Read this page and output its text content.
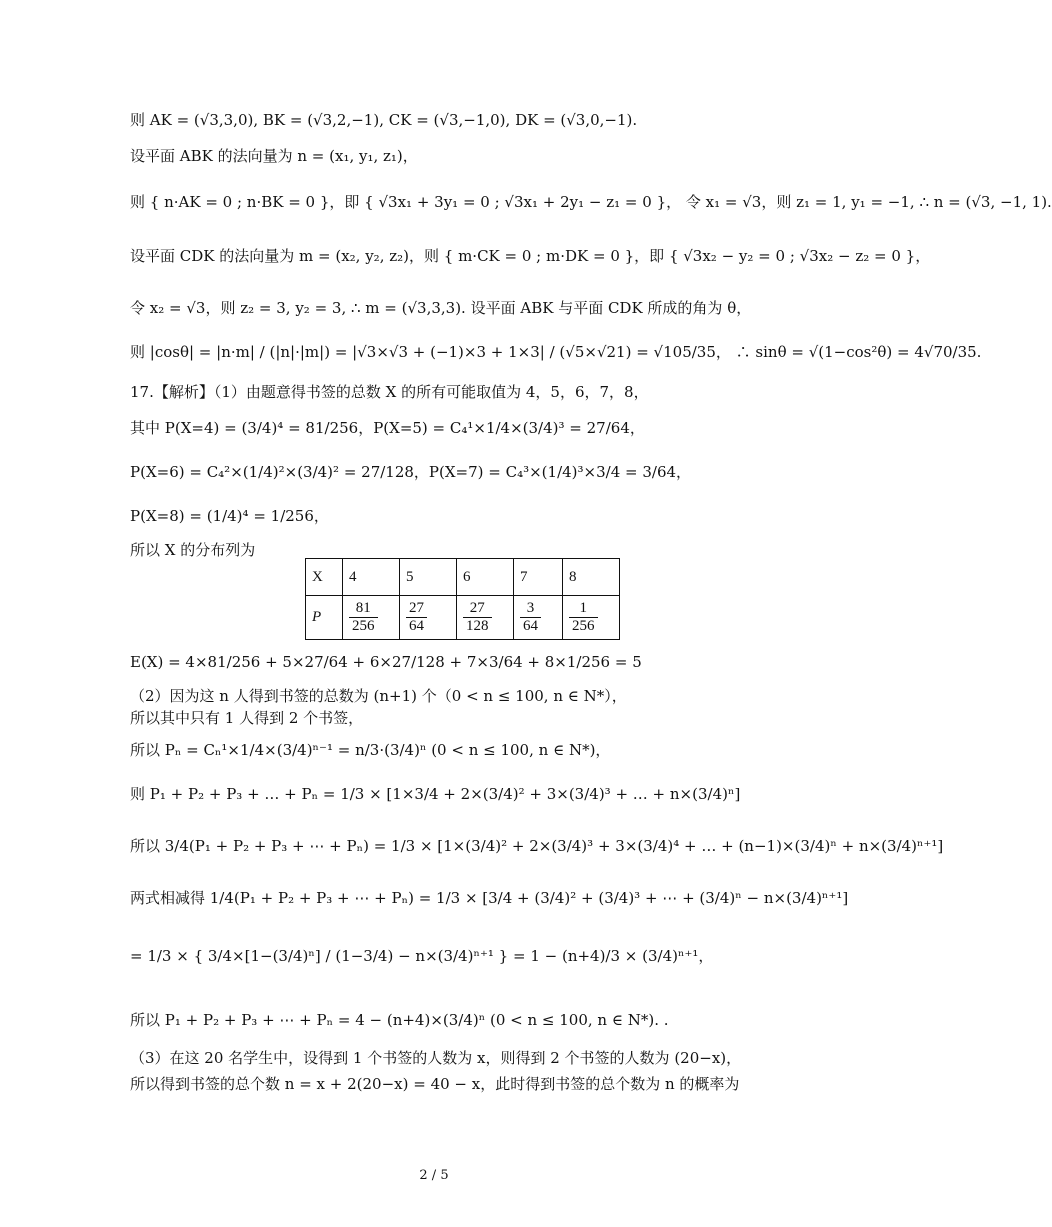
则 AK = (√3,3,0), BK = (√3,2,−1), CK = (√3,−1,0), DK = (√3,0,−1).
设平面 ABK 的法向量为 n = (x₁, y₁, z₁)，
则 { n·AK = 0 ; n·BK = 0 }，即 { √3x₁ + 3y₁ = 0 ; √3x₁ + 2y₁ − z₁ = 0 }， 令 x₁ = √3，则 z₁ = 1, y₁ = −1, ∴ n = (√3, −1, 1).
设平面 CDK 的法向量为 m = (x₂, y₂, z₂)，则 { m·CK = 0 ; m·DK = 0 }，即 { √3x₂ − y₂ = 0 ; √3x₂ − z₂ = 0 }，
令 x₂ = √3，则 z₂ = 3, y₂ = 3, ∴ m = (√3,3,3). 设平面 ABK 与平面 CDK 所成的角为 θ，
则 |cosθ| = |n·m| / (|n|·|m|) = |√3×√3 + (−1)×3 + 1×3| / (√5×√21) = √105/35， ∴ sinθ = √(1−cos²θ) = 4√70/35.
17.【解析】（1）由题意得书签的总数 X 的所有可能取值为 4，5，6，7，8，
其中 P(X=4) = (3/4)⁴ = 81/256，P(X=5) = C₄¹×1/4×(3/4)³ = 27/64，
P(X=6) = C₄²×(1/4)²×(3/4)² = 27/128，P(X=7) = C₄³×(1/4)³×3/4 = 3/64，
P(X=8) = (1/4)⁴ = 1/256，
所以 X 的分布列为
X	4	5	6	7	8
P	$\frac{81}{256}$	$\frac{27}{64}$	$\frac{27}{128}$	$\frac{3}{64}$	$\frac{1}{256}$
E(X) = 4×81/256 + 5×27/64 + 6×27/128 + 7×3/64 + 8×1/256 = 5
（2）因为这 n 人得到书签的总数为 (n+1) 个（0 < n ≤ 100, n ∈ N*），
所以其中只有 1 人得到 2 个书签，
所以 Pₙ = Cₙ¹×1/4×(3/4)ⁿ⁻¹ = n/3·(3/4)ⁿ (0 < n ≤ 100, n ∈ N*)，
则 P₁ + P₂ + P₃ + … + Pₙ = 1/3 × [1×3/4 + 2×(3/4)² + 3×(3/4)³ + … + n×(3/4)ⁿ]
所以 3/4(P₁ + P₂ + P₃ + ⋯ + Pₙ) = 1/3 × [1×(3/4)² + 2×(3/4)³ + 3×(3/4)⁴ + … + (n−1)×(3/4)ⁿ + n×(3/4)ⁿ⁺¹]
两式相减得 1/4(P₁ + P₂ + P₃ + ⋯ + Pₙ) = 1/3 × [3/4 + (3/4)² + (3/4)³ + ⋯ + (3/4)ⁿ − n×(3/4)ⁿ⁺¹]
= 1/3 × { 3/4×[1−(3/4)ⁿ] / (1−3/4) − n×(3/4)ⁿ⁺¹ } = 1 − (n+4)/3 × (3/4)ⁿ⁺¹，
所以 P₁ + P₂ + P₃ + ⋯ + Pₙ = 4 − (n+4)×(3/4)ⁿ (0 < n ≤ 100, n ∈ N*). .
（3）在这 20 名学生中，设得到 1 个书签的人数为 x，则得到 2 个书签的人数为 (20−x)，
所以得到书签的总个数 n = x + 2(20−x) = 40 − x，此时得到书签的总个数为 n 的概率为
2 / 5
